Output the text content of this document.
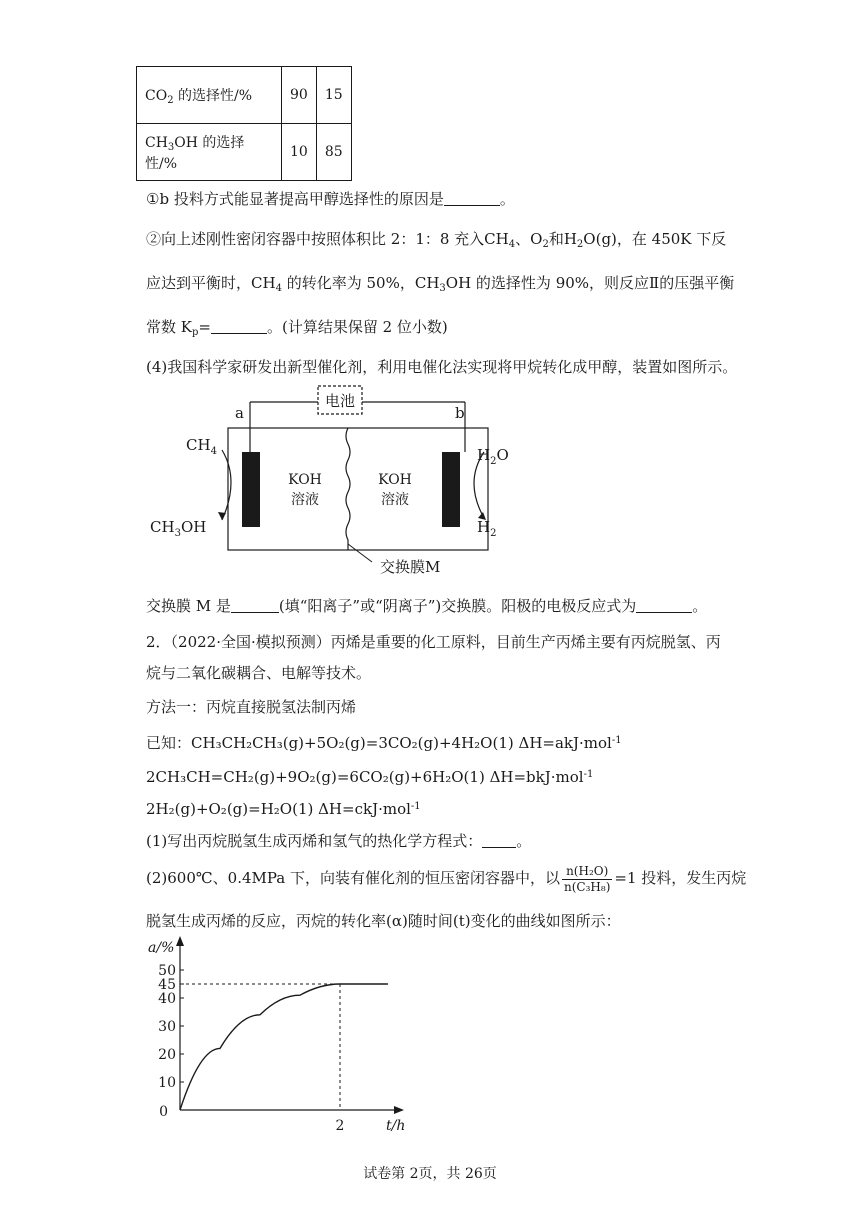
$CO_2$ 的选择性/%	90	15
$CH_3OH$ 的选择性/%	10	85
①b 投料方式能显著提高甲醇选择性的原因是	。
②向上述刚性密闭容器中按照体积比 2：1：8 充入$CH_4$、$O_2$和$H_2O(g)$，在 450K 下反
应达到平衡时，$CH_4$ 的转化率为 50%，$CH_3OH$ 的选择性为 90%，则反应Ⅱ的压强平衡
常数 $K_p=$	。(计算结果保留 2 位小数)
(4)我国科学家研发出新型催化剂，利用电催化法实现将甲烷转化成甲醇，装置如图所示。
电池
a	b
KOH
溶液
KOH
溶液
$CH_4$
$CH_3OH$
$H_2O$
$H_2$
交换膜M
交换膜 M 是	(填“阳离子”或“阴离子”)交换膜。阳极的电极反应式为	。
2．（2022·全国·模拟预测）丙烯是重要的化工原料，目前生产丙烯主要有丙烷脱氢、丙
烷与二氧化碳耦合、电解等技术。
方法一：丙烷直接脱氢法制丙烯
已知：CH₃CH₂CH₃(g)+5O₂(g)=3CO₂(g)+4H₂O(1) ΔH=akJ·mol$^{-1}$
2CH₃CH=CH₂(g)+9O₂(g)=6CO₂(g)+6H₂O(1) ΔH=bkJ·mol$^{-1}$
2H₂(g)+O₂(g)=H₂O(1) ΔH=ckJ·mol$^{-1}$
(1)写出丙烷脱氢生成丙烯和氢气的热化学方程式： 。
(2)600℃、0.4MPa 下，向装有催化剂的恒压密闭容器中，以 $\frac{\text{n(H₂O)}}{\text{n(C₃H₈)}} =1$ 投料，发生丙烷
脱氢生成丙烯的反应，丙烷的转化率(α)随时间(t)变化的曲线如图所示：
a/%
t/h
0
10
20
30
40
45
50
2
试卷第 2页，共 26页
